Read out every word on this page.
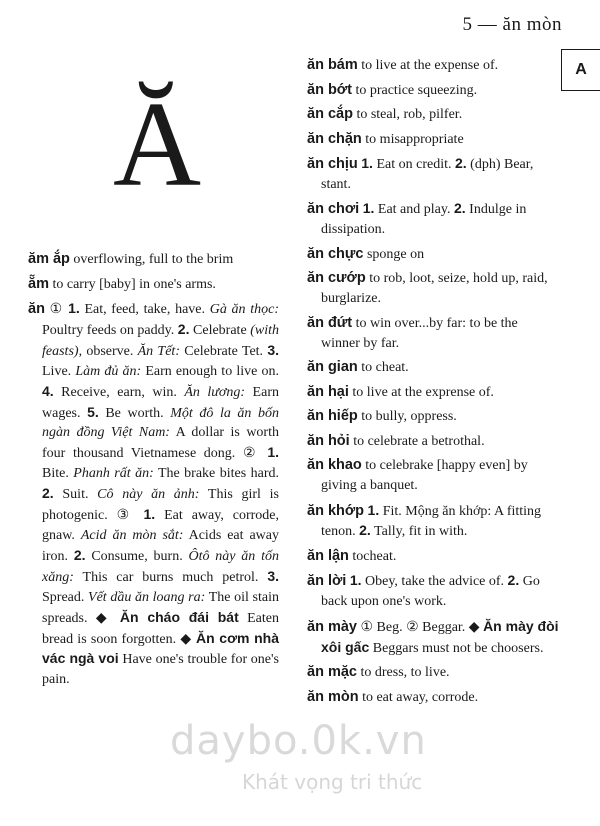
5 — ăn mòn
A
Ă
ăm ắp overflowing, full to the brim
ẵm to carry [baby] in one's arms.
ăn ① 1. Eat, feed, take, have. Gà ăn thọc: Poultry feeds on paddy. 2. Celebrate (with feasts), observe. Ăn Tết: Celebrate Tet. 3. Live. Làm đủ ăn: Earn enough to live on. 4. Receive, earn, win. Ăn lương: Earn wages. 5. Be worth. Một đô la ăn bốn ngàn đồng Việt Nam: A dollar is worth four thousand Vietnamese dong. ② 1. Bite. Phanh rất ăn: The brake bites hard. 2. Suit. Cô này ăn ảnh: This girl is photogenic. ③ 1. Eat away, corrode, gnaw. Acid ăn mòn sắt: Acids eat away iron. 2. Consume, burn. Ôtô này ăn tốn xăng: This car burns much petrol. 3. Spread. Vết dầu ăn loang ra: The oil stain spreads. ◆ Ăn cháo đái bát Eaten bread is soon forgotten. ◆ Ăn cơm nhà vác ngà voi Have one's trouble for one's pain.
ăn bám to live at the expense of.
ăn bớt to practice squeezing.
ăn cắp to steal, rob, pilfer.
ăn chặn to misappropriate
ăn chịu 1. Eat on credit. 2. (dph) Bear, stant.
ăn chơi 1. Eat and play. 2. Indulge in dissipation.
ăn chực sponge on
ăn cướp to rob, loot, seize, hold up, raid, burglarize.
ăn đứt to win over...by far: to be the winner by far.
ăn gian to cheat.
ăn hại to live at the exprense of.
ăn hiếp to bully, oppress.
ăn hỏi to celebrate a betrothal.
ăn khao to celebrake [happy even] by giving a banquet.
ăn khớp 1. Fit. Mộng ăn khớp: A fitting tenon. 2. Tally, fit in with.
ăn lận tocheat.
ăn lời 1. Obey, take the advice of. 2. Go back upon one's work.
ăn mày ① Beg. ② Beggar. ◆ Ăn mày đòi xôi gấc Beggars must not be choosers.
ăn mặc to dress, to live.
ăn mòn to eat away, corrode.
daybo.0k.vn
Khát vọng tri thức
